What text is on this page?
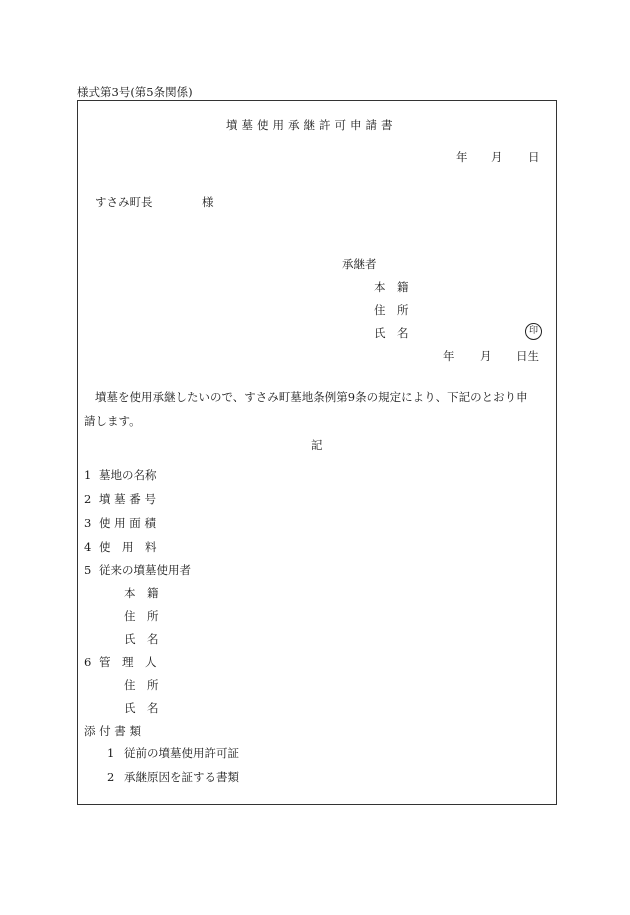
様式第3号(第5条関係)
墳墓使用承継許可申請書
年 月 日
すさみ町長	様
承継者
本　籍
住　所
氏　名	印
年 月 日生
墳墓を使用承継したいので、すさみ町墓地条例第9条の規定により、下記のとおり申
請します。
記
1 墓地の名称
2 墳 墓 番 号
3 使 用 面 積
4 使　用　料
5 従来の墳墓使用者
本　籍
住　所
氏　名
6 管　理　人
住　所
氏　名
添 付 書 類
1 従前の墳墓使用許可証
2 承継原因を証する書類
